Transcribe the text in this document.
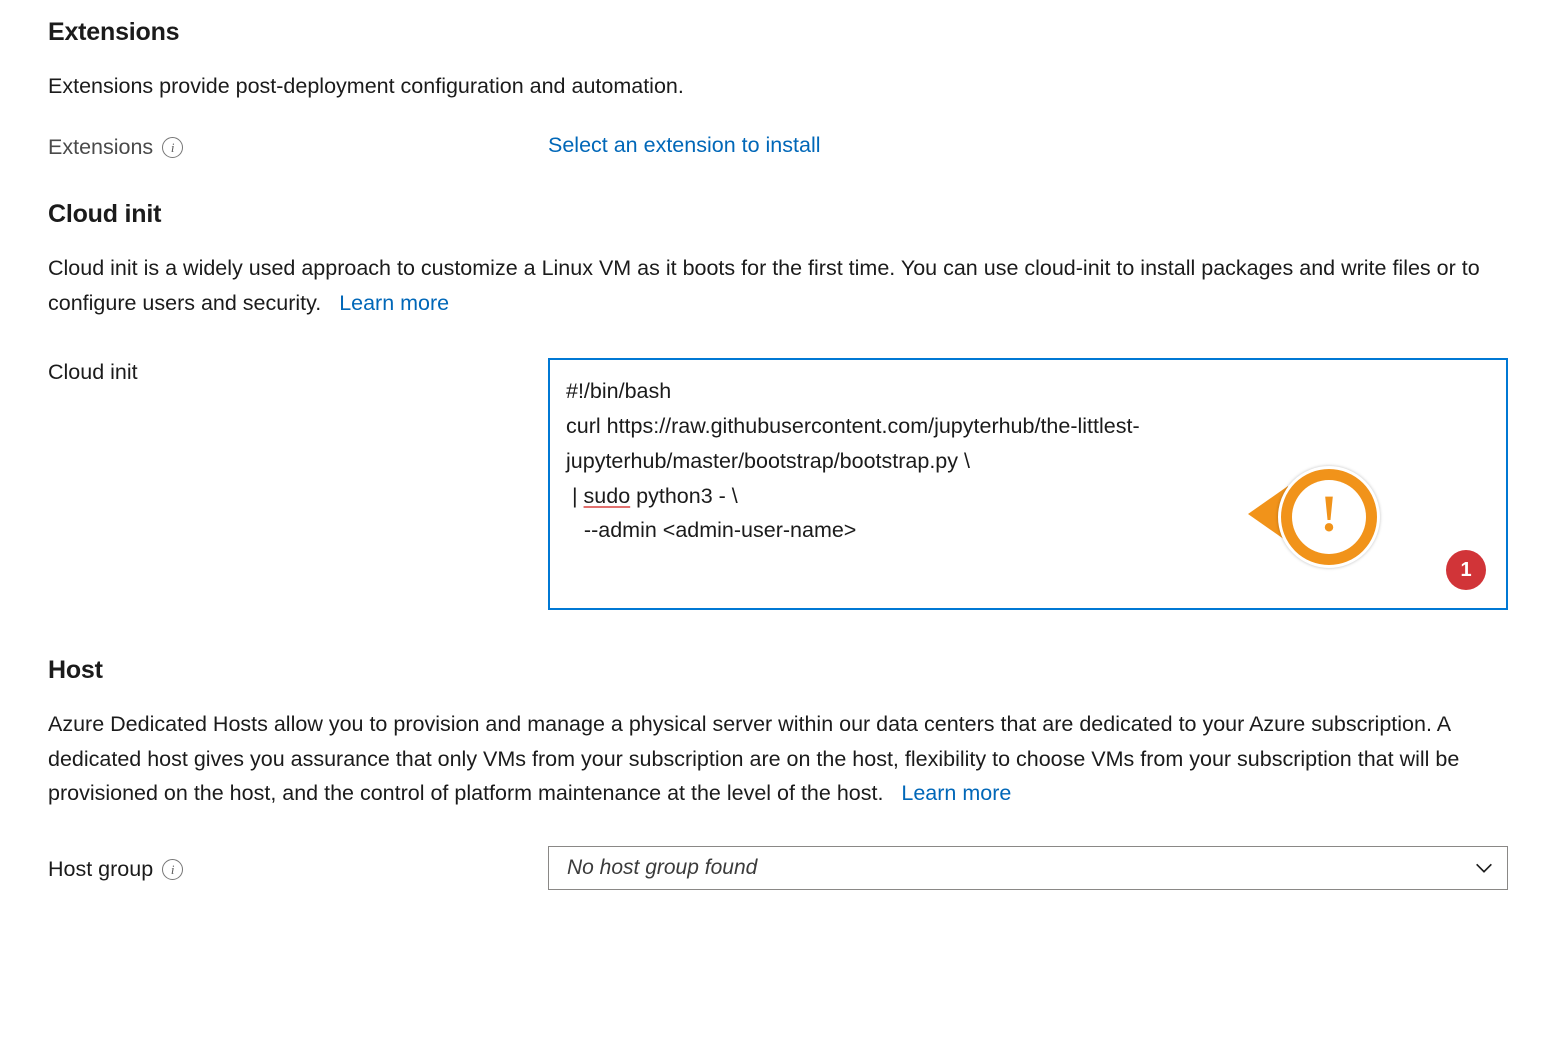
Extensions

Extensions provide post-deployment configuration and automation.

Extensions	i	Select an extension to install
Cloud init

Cloud init is a widely used approach to customize a Linux VM as it boots for the first time. You can use cloud-init to install packages and write files or to configure users and security. Learn more

Cloud init
#!/bin/bash
curl https://raw.githubusercontent.com/jupyterhub/the-littlest-jupyterhub/master/bootstrap/bootstrap.py \
| sudo python3 - \
--admin <admin-user-name>

1

!
Host

Azure Dedicated Hosts allow you to provision and manage a physical server within our data centers that are dedicated to your Azure subscription. A dedicated host gives you assurance that only VMs from your subscription are on the host, flexibility to choose VMs from your subscription that will be provisioned on the host, and the control of platform maintenance at the level of the host. Learn more

Host group	i	No host group found
